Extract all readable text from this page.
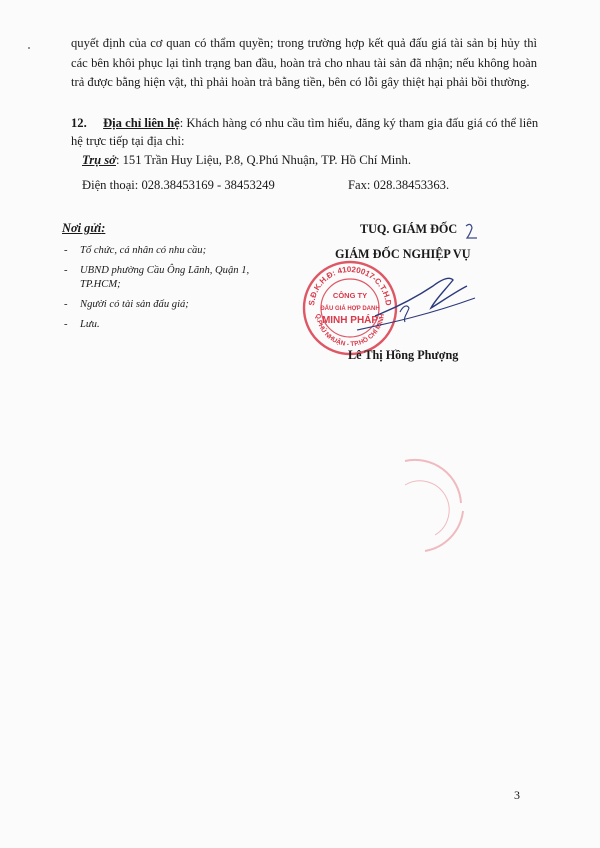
quyết định của cơ quan có thẩm quyền; trong trường hợp kết quả đấu giá tài sản bị hủy thì các bên khôi phục lại tình trạng ban đầu, hoàn trả cho nhau tài sản đã nhận; nếu không hoàn trả được bằng hiện vật, thì phải hoàn trả bằng tiền, bên có lỗi gây thiệt hại phải bồi thường.
12. Địa chỉ liên hệ: Khách hàng có nhu cầu tìm hiểu, đăng ký tham gia đấu giá có thể liên
hệ trực tiếp tại địa chỉ:
Trụ sở: 151 Trần Huy Liệu, P.8, Q.Phú Nhuận, TP. Hồ Chí Minh.
Điện thoại: 028.38453169 - 38453249	Fax: 028.38453363.
Nơi gửi:
- Tổ chức, cá nhân có nhu cầu;
- UBND phường Cầu Ông Lãnh, Quận 1, TP.HCM;
- Người có tài sản đấu giá;
- Lưu.
TUQ. GIÁM ĐỐC
GIÁM ĐỐC NGHIỆP VỤ
S.Đ.K.H.Đ: 41020017-C.T.H.D
Q.PHÚ NHUẬN - TP.HỒ CHÍ MINH
CÔNG TY
ĐẤU GIÁ HỢP DANH
MINH PHÁP
Lê Thị Hồng Phượng
3
